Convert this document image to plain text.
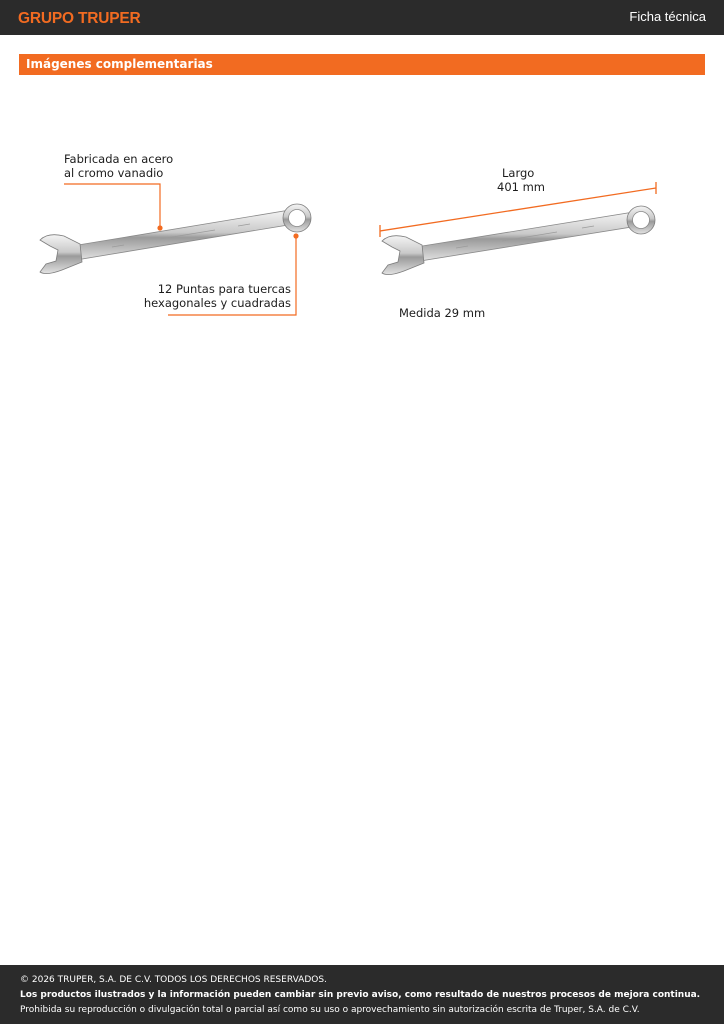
GRUPO TRUPER	Ficha técnica
Imágenes complementarias
Fabricada en acero
al cromo vanadio
12 Puntas para tuercas
hexagonales y cuadradas
Largo
401 mm
Medida 29 mm

© 2026 TRUPER, S.A. DE C.V. TODOS LOS DERECHOS RESERVADOS.

Los productos ilustrados y la información pueden cambiar sin previo aviso, como resultado de nuestros procesos de mejora continua.

Prohibida su reproducción o divulgación total o parcial así como su uso o aprovechamiento sin autorización escrita de Truper, S.A. de C.V.
